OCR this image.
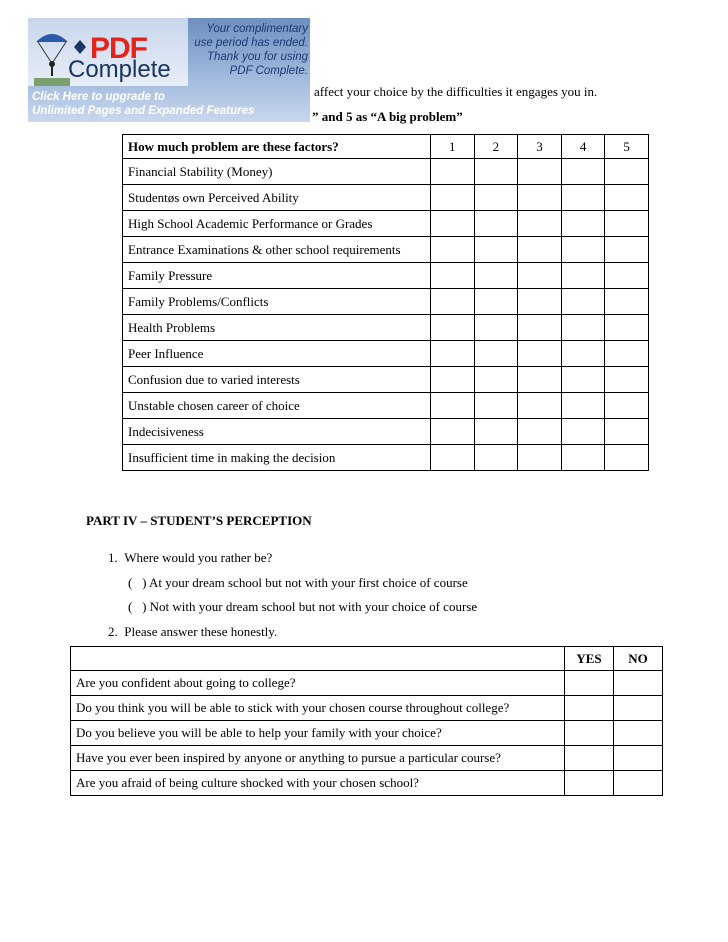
PDF
Complete
Your complimentary
use period has ended.
Thank you for using
PDF Complete.
Click Here to upgrade to
Unlimited Pages and Expanded Features
affect your choice by the difficulties it engages you in.
” and 5 as “A big problem”
How much problem are these factors?	1	2	3	4	5
Financial Stability (Money)					
Studentøs own Perceived Ability					
High School Academic Performance or Grades					
Entrance Examinations & other school requirements					
Family Pressure					
Family Problems/Conflicts					
Health Problems					
Peer Influence					
Confusion due to varied interests					
Unstable chosen career of choice					
Indecisiveness					
Insufficient time in making the decision					
PART IV – STUDENT’S PERCEPTION
1.  Where would you rather be?
(   ) At your dream school but not with your first choice of course
(   ) Not with your dream school but not with your choice of course
2.  Please answer these honestly.
	YES	NO
Are you confident about going to college?		
Do you think you will be able to stick with your chosen course throughout college?		
Do you believe you will be able to help your family with your choice?		
Have you ever been inspired by anyone or anything to pursue a particular course?		
Are you afraid of being culture shocked with your chosen school?		
